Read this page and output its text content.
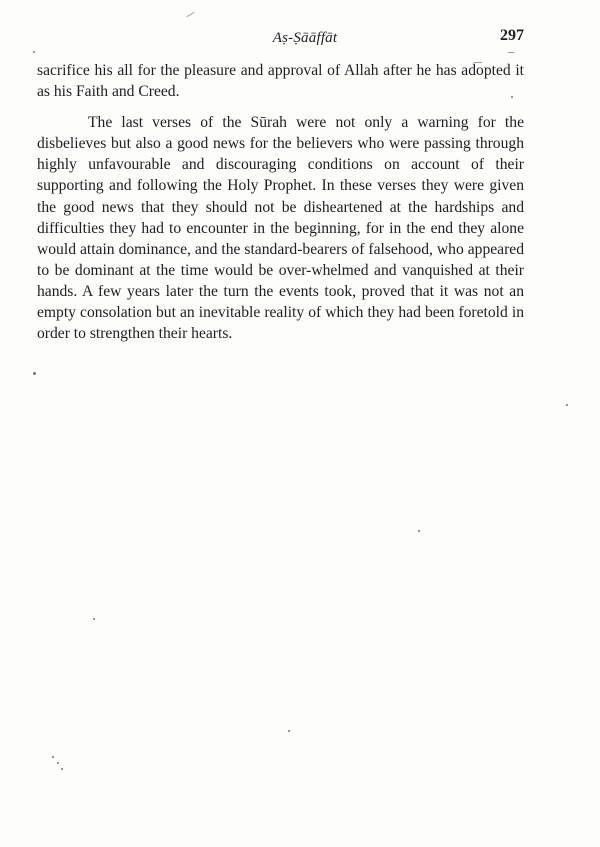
Aṣ-Ṣāāffāt	297

sacrifice his all for the pleasure and approval of Allah after he has adopted it as his Faith and Creed.

The last verses of the Sūrah were not only a warning for the disbelieves but also a good news for the believers who were passing through highly unfavourable and discouraging conditions on account of their supporting and following the Holy Prophet. In these verses they were given the good news that they should not be disheartened at the hardships and difficulties they had to encounter in the beginning, for in the end they alone would attain dominance, and the standard-bearers of falsehood, who appeared to be dominant at the time would be over-whelmed and vanquished at their hands. A few years later the turn the events took, proved that it was not an empty consolation but an inevitable reality of which they had been foretold in order to strengthen their hearts.
